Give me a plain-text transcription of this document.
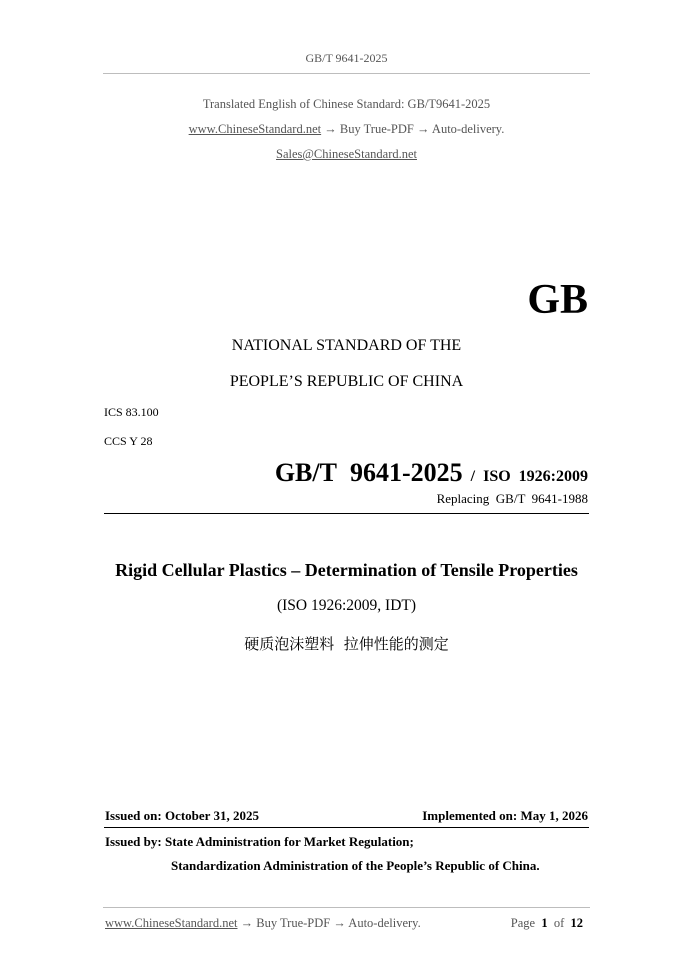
GB/T 9641-2025
Translated English of Chinese Standard: GB/T9641-2025
www.ChineseStandard.net → Buy True-PDF → Auto-delivery.
Sales@ChineseStandard.net
GB
NATIONAL STANDARD OF THE
PEOPLE’S REPUBLIC OF CHINA
ICS 83.100
CCS Y 28
GB/T 9641-2025 / ISO 1926:2009
Replacing  GB/T  9641-1988
Rigid Cellular Plastics – Determination of Tensile Properties
(ISO 1926:2009, IDT)
硬质泡沫塑料  拉伸性能的测定
Issued on: October 31, 2025	Implemented on: May 1, 2026
Issued by: State Administration for Market Regulation;
Standardization Administration of the People’s Republic of China.
www.ChineseStandard.net → Buy True-PDF → Auto-delivery.	Page 1 of 12
